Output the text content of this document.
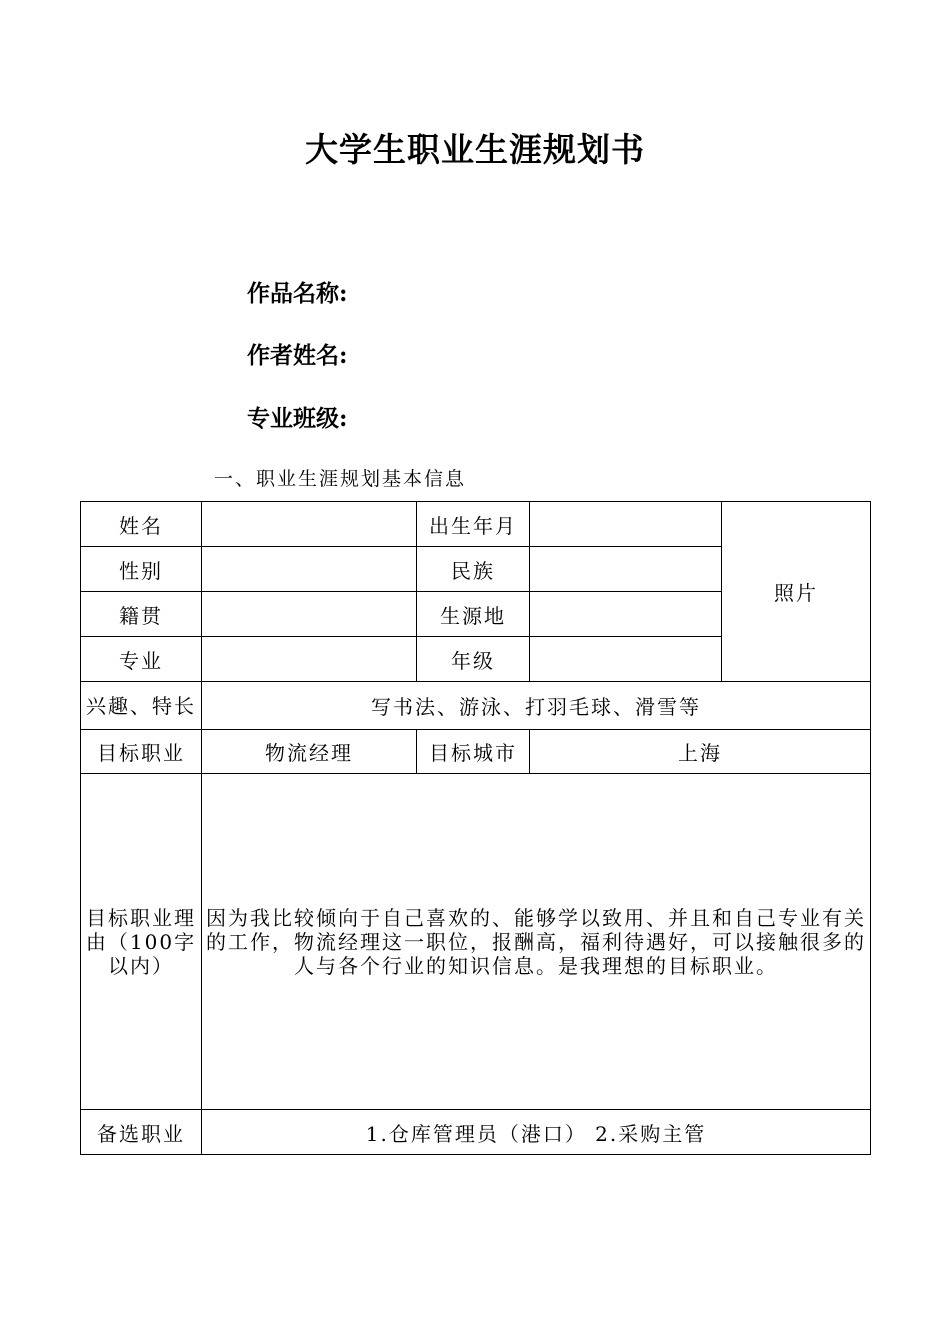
大学生职业生涯规划书
作品名称:
作者姓名:
专业班级:
一、职业生涯规划基本信息
姓名		出生年月		照片
性别		民族		
籍贯		生源地		
专业		年级		
兴趣、特长	写书法、游泳、打羽毛球、滑雪等			
目标职业	物流经理	目标城市	上海	
目标职业理由（100字以内）	因为我比较倾向于自己喜欢的、能够学以致用、并且和自己专业有关的工作，物流经理这一职位，报酬高，福利待遇好，可以接触很多的人与各个行业的知识信息。是我理想的目标职业。			
备选职业	1.仓库管理员（港口） 2.采购主管			
